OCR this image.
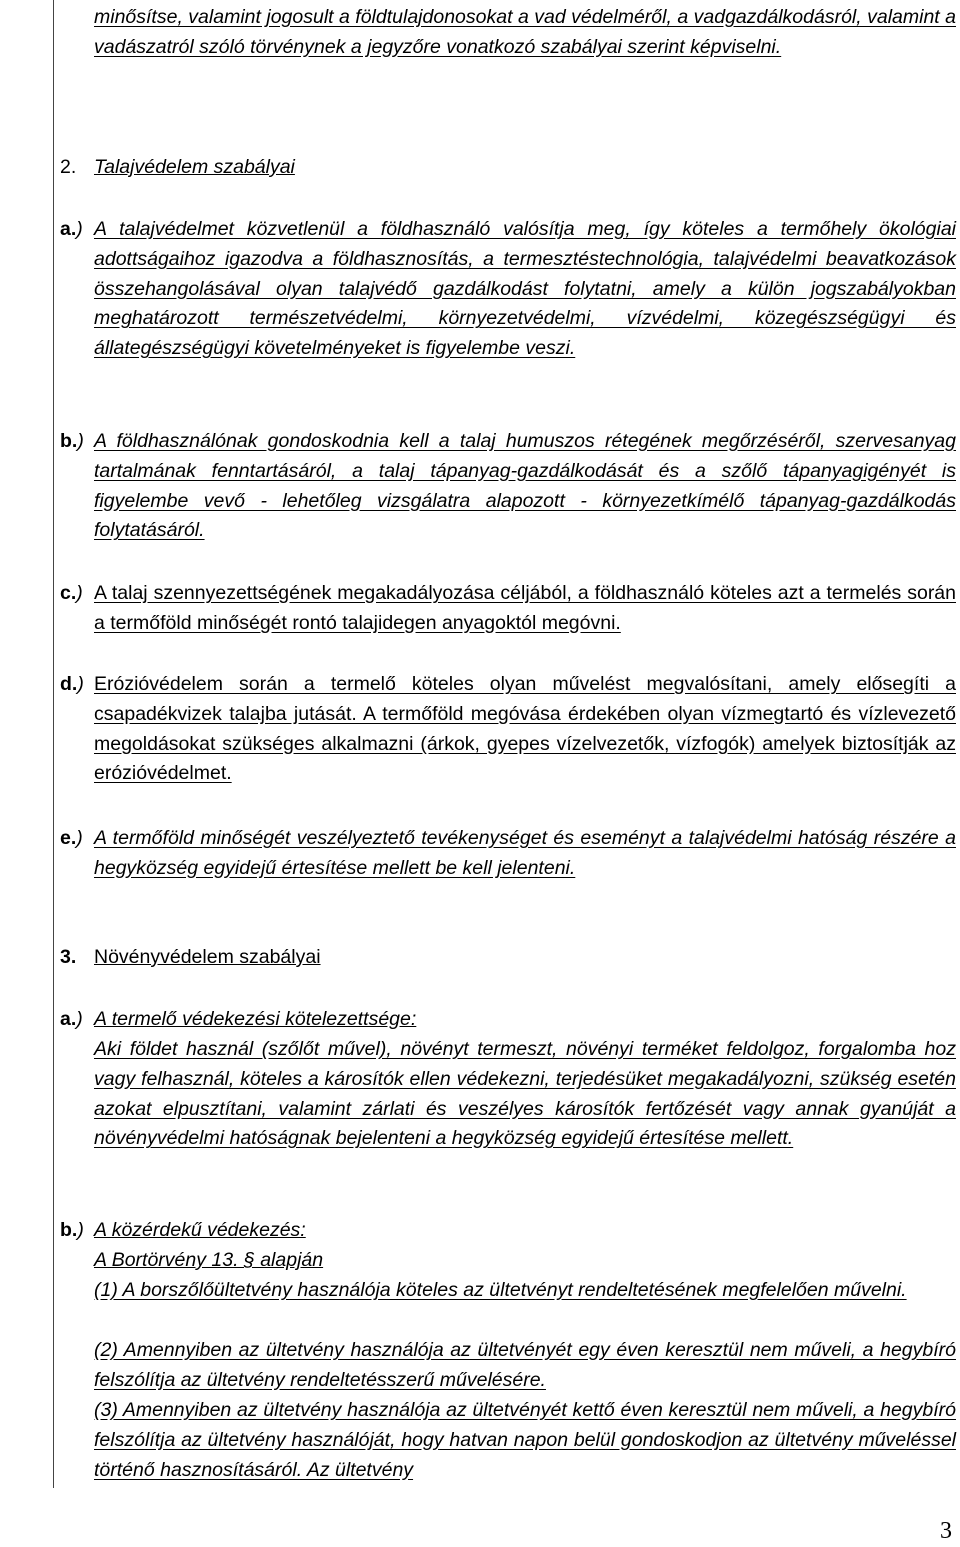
minősítse, valamint jogosult a földtulajdonosokat a vad védelméről, a vadgazdálkodásról, valamint a vadászatról szóló törvénynek a jegyzőre vonatkozó szabályai szerint képviselni.

2. Talajvédelem szabályai
a.) A talajvédelmet közvetlenül a földhasználó valósítja meg, így köteles a termőhely ökológiai adottságaihoz igazodva a földhasznosítás, a termesztéstechnológia, talajvédelmi beavatkozások összehangolásával olyan talajvédő gazdálkodást folytatni, amely a külön jogszabályokban meghatározott természetvédelmi, környezetvédelmi, vízvédelmi, közegészségügyi és állategészségügyi követelményeket is figyelembe veszi.

b.) A földhasználónak gondoskodnia kell a talaj humuszos rétegének megőrzéséről, szervesanyag tartalmának fenntartásáról, a talaj tápanyag-gazdálkodását és a szőlő tápanyagigényét is figyelembe vevő - lehetőleg vizsgálatra alapozott - környezetkímélő tápanyag-gazdálkodás folytatásáról.

c.) A talaj szennyezettségének megakadályozása céljából, a földhasználó köteles azt a termelés során a termőföld minőségét rontó talajidegen anyagoktól megóvni.

d.) Erózióvédelem során a termelő köteles olyan művelést megvalósítani, amely elősegíti a csapadékvizek talajba jutását. A termőföld megóvása érdekében olyan vízmegtartó és vízlevezető megoldásokat szükséges alkalmazni (árkok, gyepes vízelvezetők, vízfogók) amelyek biztosítják az erózióvédelmet.

e.) A termőföld minőségét veszélyeztető tevékenységet és eseményt a talajvédelmi hatóság részére a hegyközség egyidejű értesítése mellett be kell jelenteni.

3. Növényvédelem szabályai
a.) A termelő védekezési kötelezettsége:

Aki földet használ (szőlőt művel), növényt termeszt, növényi terméket feldolgoz, forgalomba hoz vagy felhasznál, köteles a károsítók ellen védekezni, terjedésüket megakadályozni, szükség esetén azokat elpusztítani, valamint zárlati és veszélyes károsítók fertőzését vagy annak gyanúját a növényvédelmi hatóságnak bejelenteni a hegyközség egyidejű értesítése mellett.

b.) A közérdekű védekezés:
A Bortörvény 13. § alapján

(1) A borszőlőültetvény használója köteles az ültetvényt rendeltetésének megfelelően művelni.

(2) Amennyiben az ültetvény használója az ültetvényét egy éven keresztül nem műveli, a hegybíró felszólítja az ültetvény rendeltetésszerű művelésére.

(3) Amennyiben az ültetvény használója az ültetvényét kettő éven keresztül nem műveli, a hegybíró felszólítja az ültetvény használóját, hogy hatvan napon belül gondoskodjon az ültetvény műveléssel történő hasznosításáról. Az ültetvény

3
